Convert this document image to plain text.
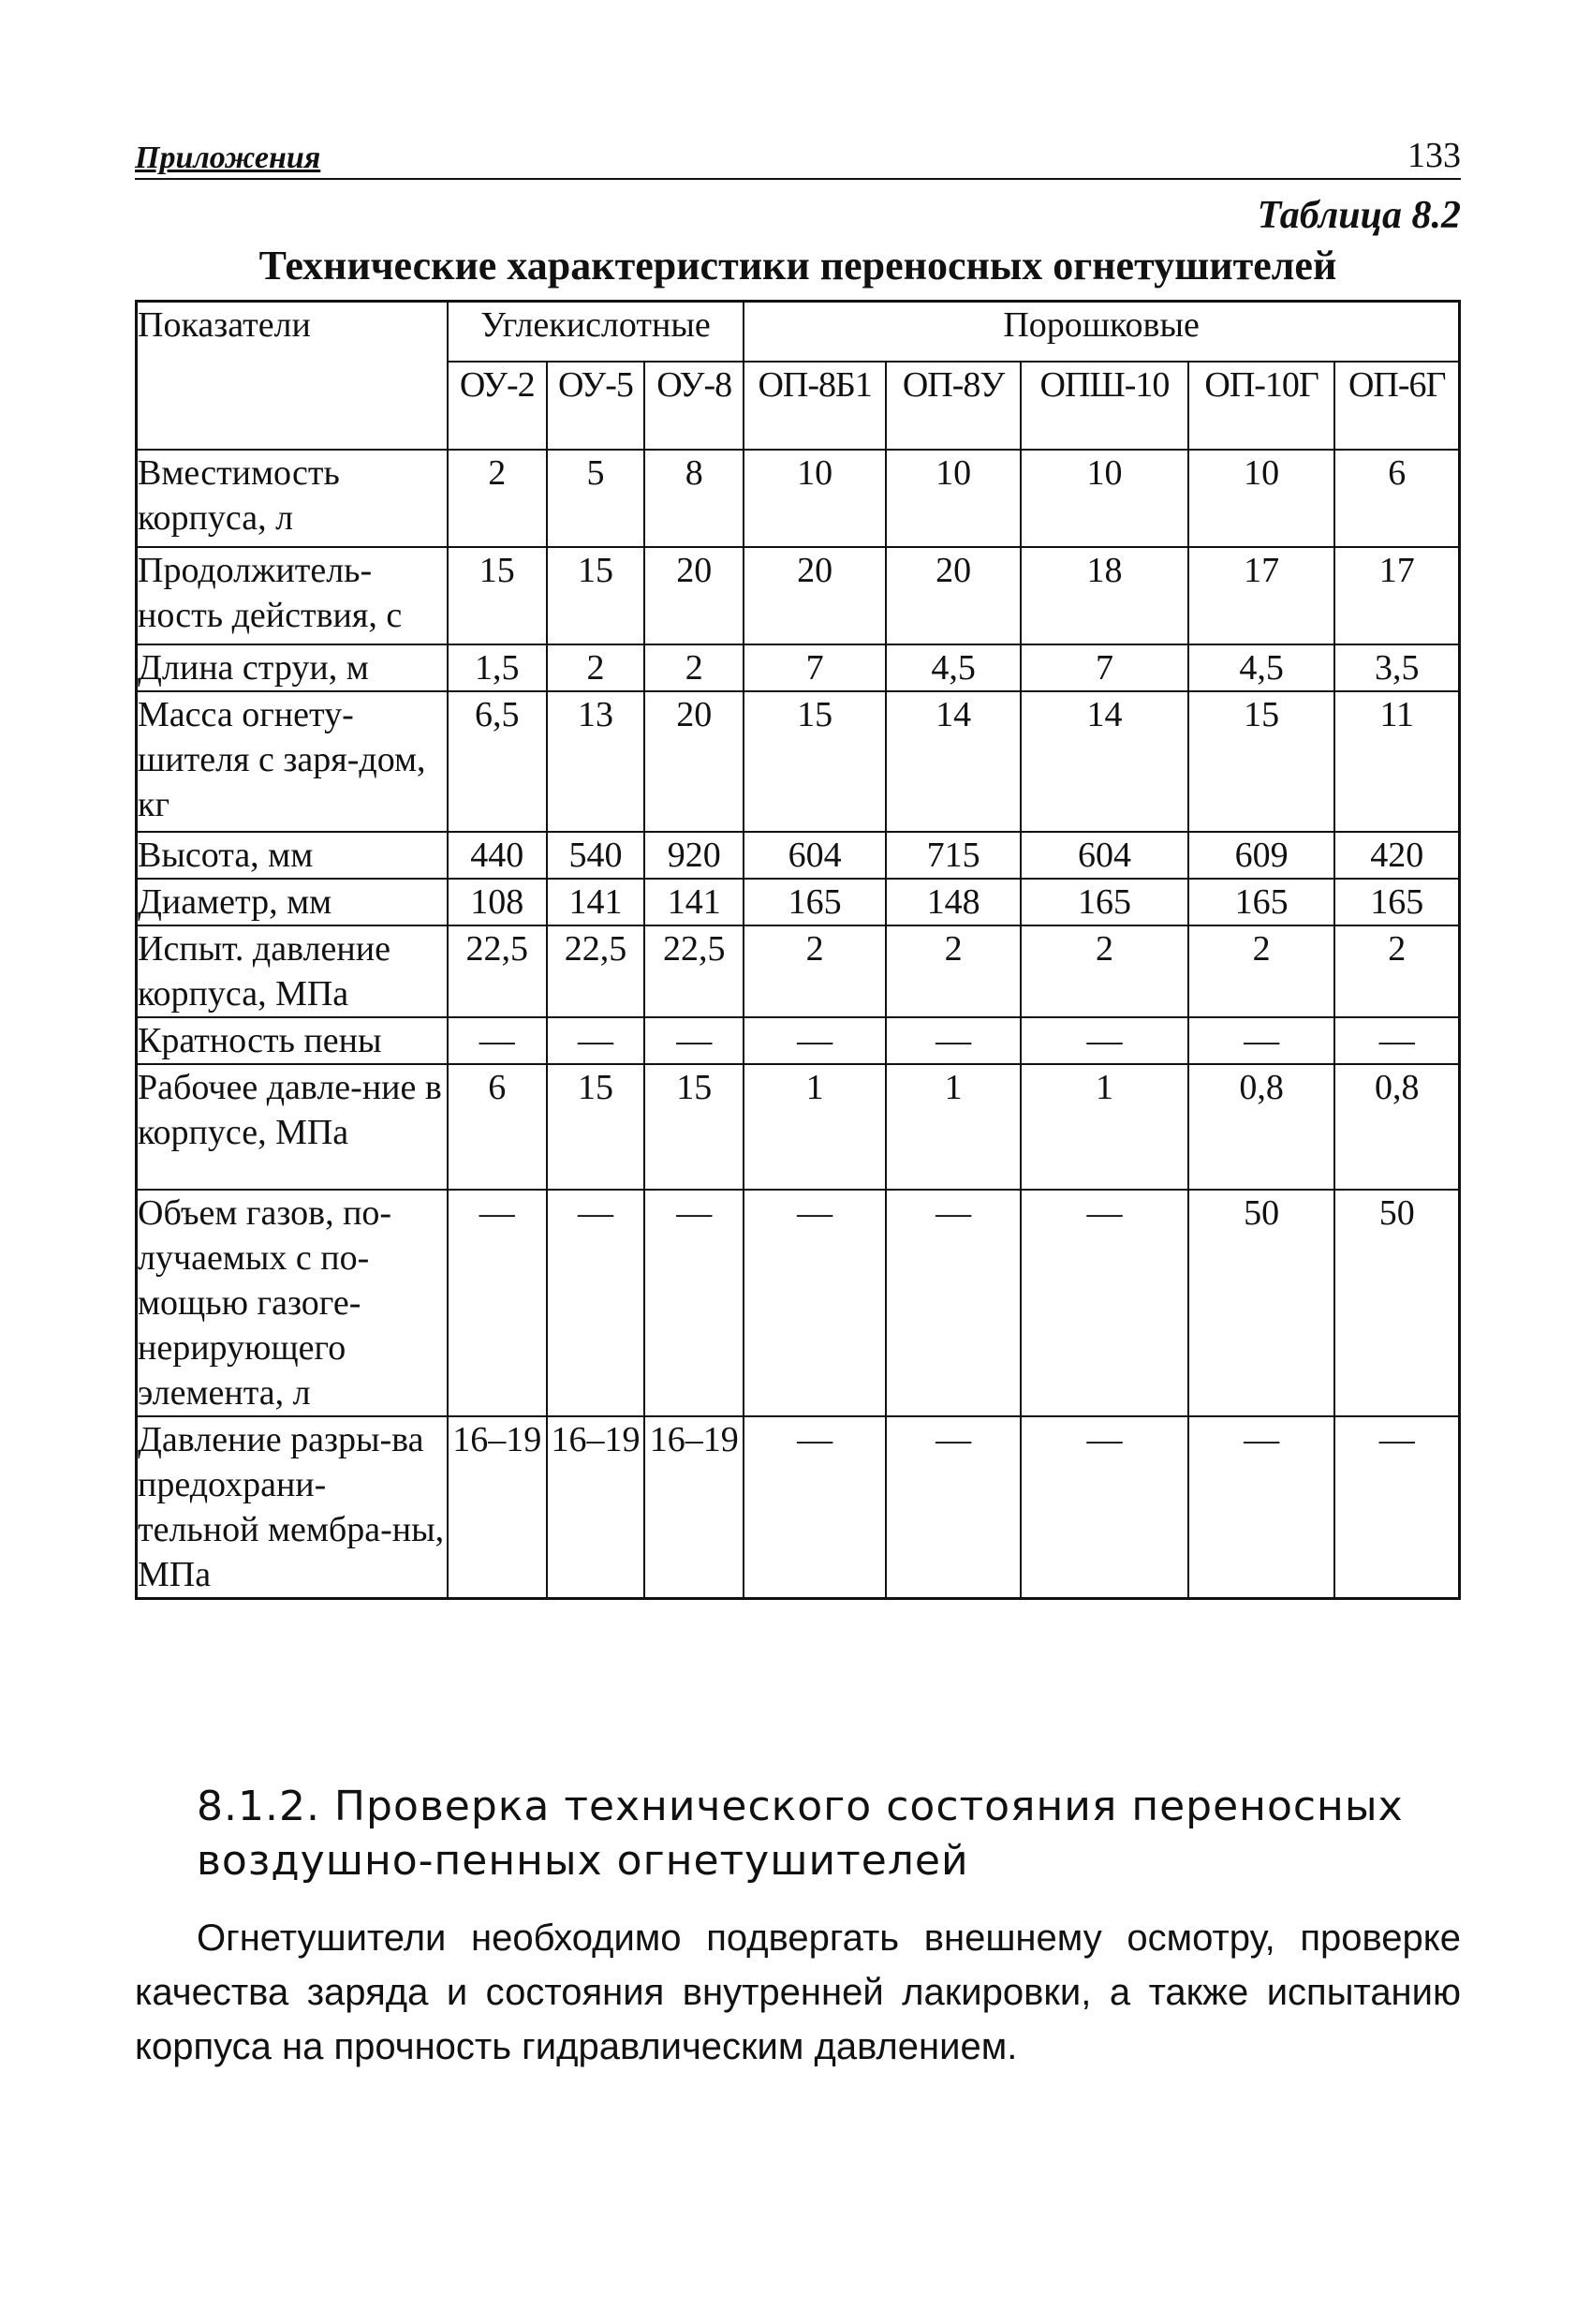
Приложения	133
Таблица 8.2
Технические характеристики переносных огнетушителей
Показатели	Углекислотные			Порошковые				
	ОУ-2	ОУ-5	ОУ-8	ОП-8Б1	ОП-8У	ОПШ-10	ОП-10Г	ОП-6Г
Вместимость корпуса, л	2	5	8	10	10	10	10	6
Продолжитель-ность действия, с	15	15	20	20	20	18	17	17
Длина струи, м	1,5	2	2	7	4,5	7	4,5	3,5
Масса огнету-шителя с заря-дом, кг	6,5	13	20	15	14	14	15	11
Высота, мм	440	540	920	604	715	604	609	420
Диаметр, мм	108	141	141	165	148	165	165	165
Испыт. давление корпуса, МПа	22,5	22,5	22,5	2	2	2	2	2
Кратность пены	—	—	—	—	—	—	—	—
Рабочее давле-ние в корпусе, МПа	6	15	15	1	1	1	0,8	0,8
Объем газов, по-лучаемых с по-мощью газоге-нерирующего элемента, л	—	—	—	—	—	—	50	50
Давление разры-ва предохрани-тельной мембра-ны, МПа	16–19	16–19	16–19	—	—	—	—	—
8.1.2. Проверка технического состояния переносных воздушно-пенных огнетушителей
Огнетушители необходимо подвергать внешнему осмотру, проверке качества заряда и состояния внутренней лакировки, а также испытанию корпуса на прочность гидравлическим давлением.
